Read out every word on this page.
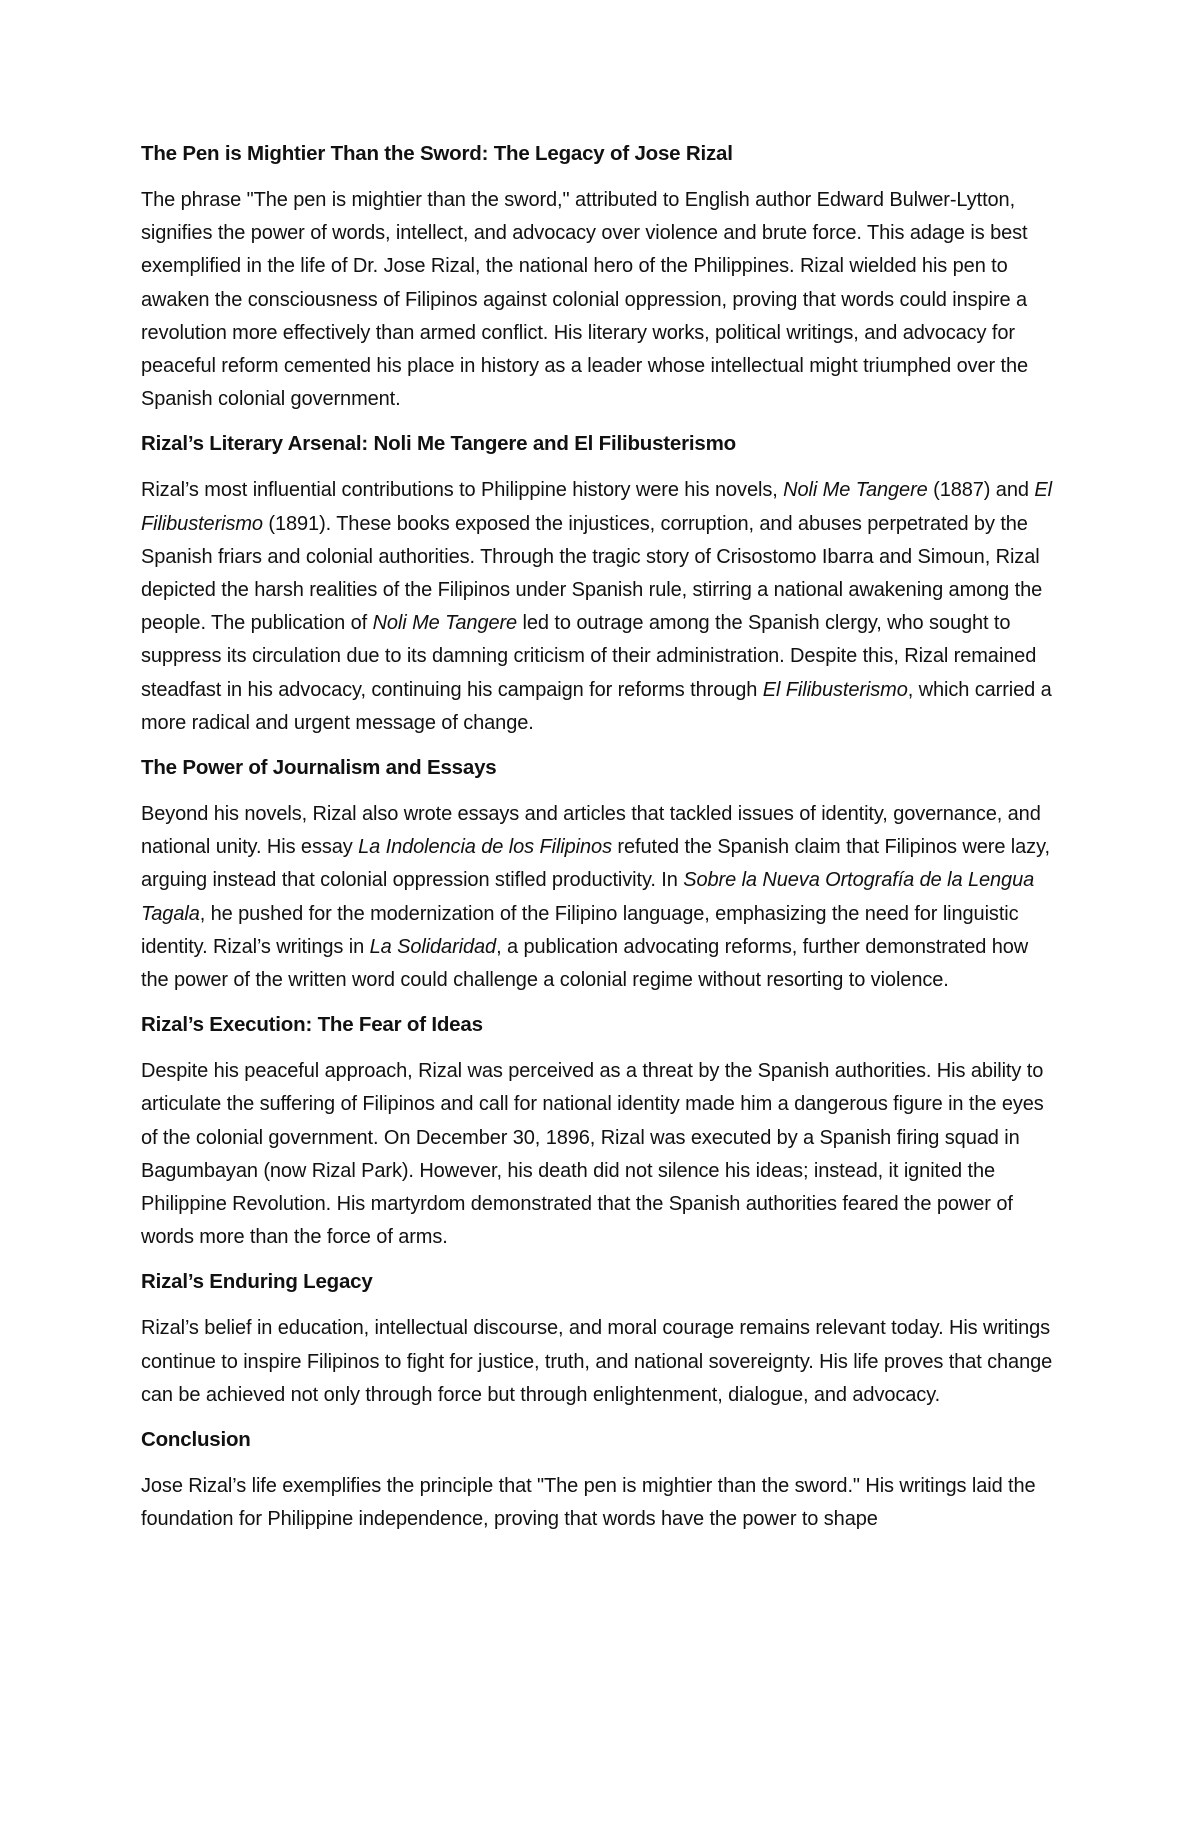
The Pen is Mightier Than the Sword: The Legacy of Jose Rizal

The phrase "The pen is mightier than the sword," attributed to English author Edward Bulwer-Lytton, signifies the power of words, intellect, and advocacy over violence and brute force. This adage is best exemplified in the life of Dr. Jose Rizal, the national hero of the Philippines. Rizal wielded his pen to awaken the consciousness of Filipinos against colonial oppression, proving that words could inspire a revolution more effectively than armed conflict. His literary works, political writings, and advocacy for peaceful reform cemented his place in history as a leader whose intellectual might triumphed over the Spanish colonial government.

Rizal’s Literary Arsenal: Noli Me Tangere and El Filibusterismo

Rizal’s most influential contributions to Philippine history were his novels, Noli Me Tangere (1887) and El Filibusterismo (1891). These books exposed the injustices, corruption, and abuses perpetrated by the Spanish friars and colonial authorities. Through the tragic story of Crisostomo Ibarra and Simoun, Rizal depicted the harsh realities of the Filipinos under Spanish rule, stirring a national awakening among the people. The publication of Noli Me Tangere led to outrage among the Spanish clergy, who sought to suppress its circulation due to its damning criticism of their administration. Despite this, Rizal remained steadfast in his advocacy, continuing his campaign for reforms through El Filibusterismo, which carried a more radical and urgent message of change.

The Power of Journalism and Essays

Beyond his novels, Rizal also wrote essays and articles that tackled issues of identity, governance, and national unity. His essay La Indolencia de los Filipinos refuted the Spanish claim that Filipinos were lazy, arguing instead that colonial oppression stifled productivity. In Sobre la Nueva Ortografía de la Lengua Tagala, he pushed for the modernization of the Filipino language, emphasizing the need for linguistic identity. Rizal’s writings in La Solidaridad, a publication advocating reforms, further demonstrated how the power of the written word could challenge a colonial regime without resorting to violence.

Rizal’s Execution: The Fear of Ideas

Despite his peaceful approach, Rizal was perceived as a threat by the Spanish authorities. His ability to articulate the suffering of Filipinos and call for national identity made him a dangerous figure in the eyes of the colonial government. On December 30, 1896, Rizal was executed by a Spanish firing squad in Bagumbayan (now Rizal Park). However, his death did not silence his ideas; instead, it ignited the Philippine Revolution. His martyrdom demonstrated that the Spanish authorities feared the power of words more than the force of arms.

Rizal’s Enduring Legacy

Rizal’s belief in education, intellectual discourse, and moral courage remains relevant today. His writings continue to inspire Filipinos to fight for justice, truth, and national sovereignty. His life proves that change can be achieved not only through force but through enlightenment, dialogue, and advocacy.

Conclusion

Jose Rizal’s life exemplifies the principle that "The pen is mightier than the sword." His writings laid the foundation for Philippine independence, proving that words have the power to shape
